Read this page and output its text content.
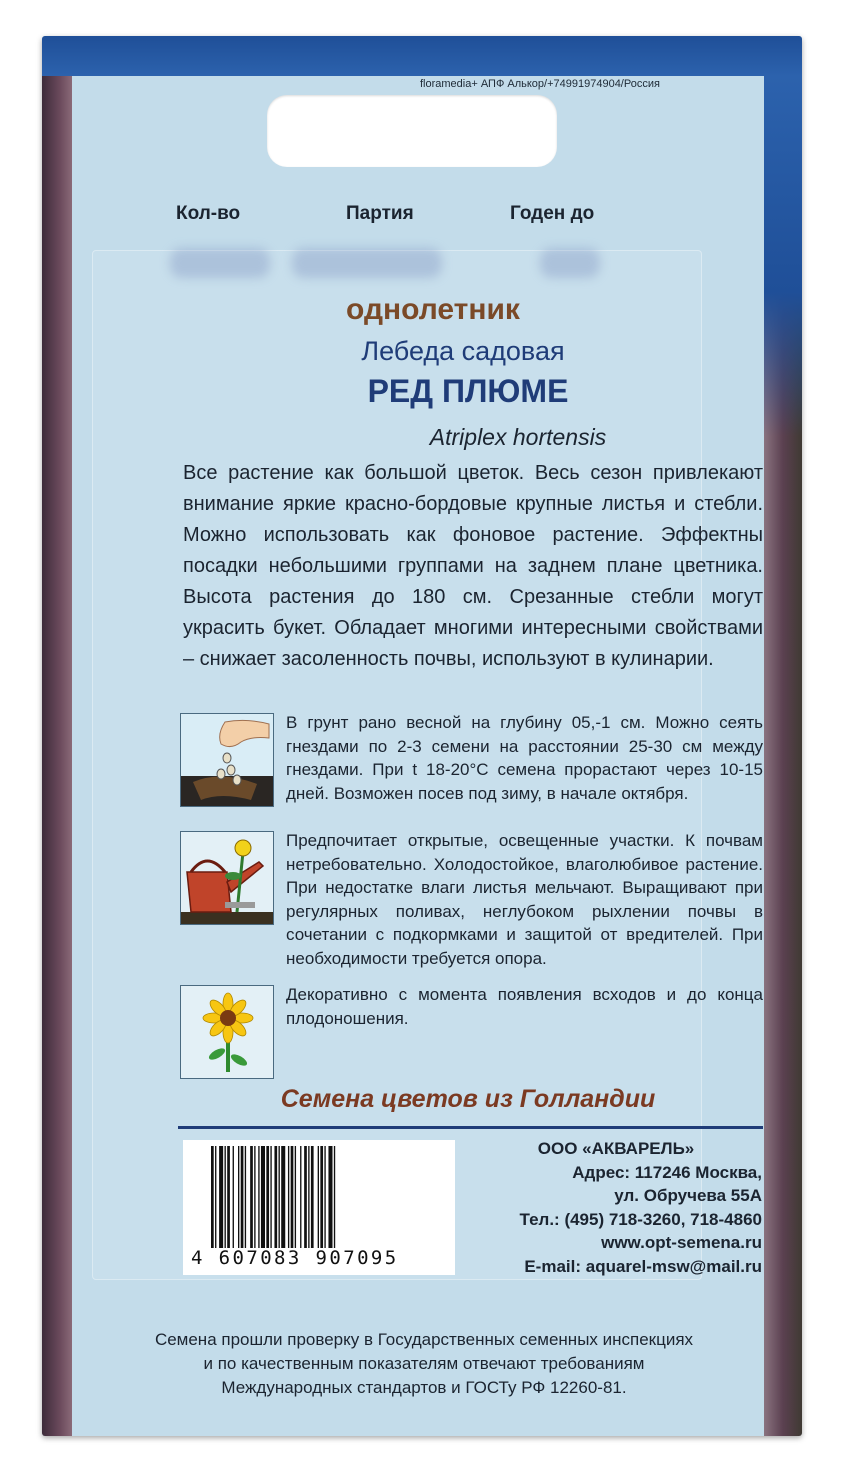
floramedia+ АПФ Алькор/+74991974904/Россия
Кол-во	Партия	Годен до
однолетник
Лебеда садовая
РЕД ПЛЮМЕ
Atriplex hortensis
Все растение как большой цветок. Весь сезон привлекают внимание яркие красно-бордовые крупные листья и стебли. Можно использовать как фоновое растение. Эффектны посадки небольшими группами на заднем плане цветника. Высота растения до 180 см. Срезанные стебли могут украсить букет. Обладает многими интересными свойствами – снижает засоленность почвы, используют в кулинарии.
В грунт рано весной на глубину 05,-1 см. Можно сеять гнездами по 2-3 семени на расстоянии 25-30 см между гнездами. При t 18-20°C семена прорастают через 10-15 дней. Возможен посев под зиму, в начале октября.
Предпочитает открытые, освещенные участки. К почвам нетребовательно. Холодостойкое, влаголюбивое растение. При недостатке влаги листья мельчают. Выращивают при регулярных поливах, неглубоком рыхлении почвы в сочетании с подкормками и защитой от вредителей. При необходимости требуется опора.
Декоративно с момента появления всходов и до конца плодоношения.
Семена цветов из Голландии
4 607083 907095
ООО «АКВАРЕЛЬ»
Адрес: 117246 Москва,
ул. Обручева 55А
Тел.: (495) 718-3260, 718-4860
www.opt-semena.ru
E-mail: aquarel-msw@mail.ru
Семена прошли проверку в Государственных семенных инспекциях
и по качественным показателям отвечают требованиям
Международных стандартов и ГОСТу РФ 12260-81.
